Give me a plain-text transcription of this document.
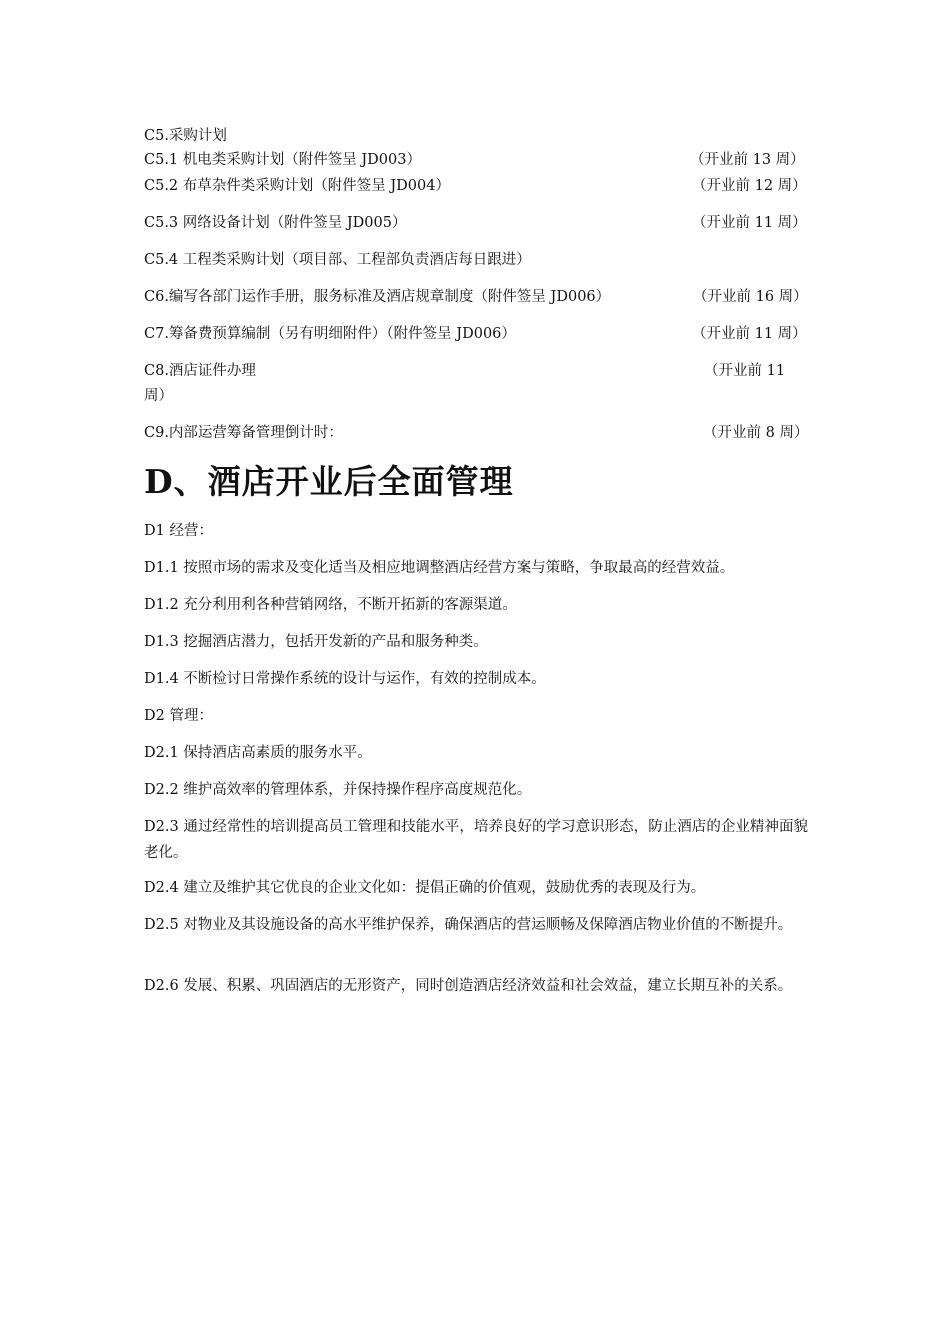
C5.采购计划
C5.1 机电类采购计划（附件签呈 JD003）	（开业前 13 周）
C5.2 布草杂件类采购计划（附件签呈 JD004）	（开业前 12 周）
C5.3 网络设备计划（附件签呈 JD005）	（开业前 11 周）
C5.4 工程类采购计划（项目部、工程部负责酒店每日跟进）
C6.编写各部门运作手册，服务标准及酒店规章制度（附件签呈 JD006）	（开业前 16 周）
C7.筹备费预算编制（另有明细附件）（附件签呈 JD006）	（开业前 11 周）
C8.酒店证件办理	（开业前 11
周）
C9.内部运营筹备管理倒计时：	（开业前 8 周）
D、酒店开业后全面管理
D1 经营：
D1.1 按照市场的需求及变化适当及相应地调整酒店经营方案与策略，争取最高的经营效益。
D1.2 充分利用利各种营销网络，不断开拓新的客源渠道。
D1.3 挖掘酒店潜力，包括开发新的产品和服务种类。
D1.4 不断检讨日常操作系统的设计与运作，有效的控制成本。
D2 管理：
D2.1 保持酒店高素质的服务水平。
D2.2 维护高效率的管理体系，并保持操作程序高度规范化。
D2.3 通过经常性的培训提高员工管理和技能水平，培养良好的学习意识形态，防止酒店的企业精神面貌老化。
D2.4 建立及维护其它优良的企业文化如：提倡正确的价值观，鼓励优秀的表现及行为。
D2.5 对物业及其设施设备的高水平维护保养，确保酒店的营运顺畅及保障酒店物业价值的不断提升。
D2.6 发展、积累、巩固酒店的无形资产，同时创造酒店经济效益和社会效益，建立长期互补的关系。
